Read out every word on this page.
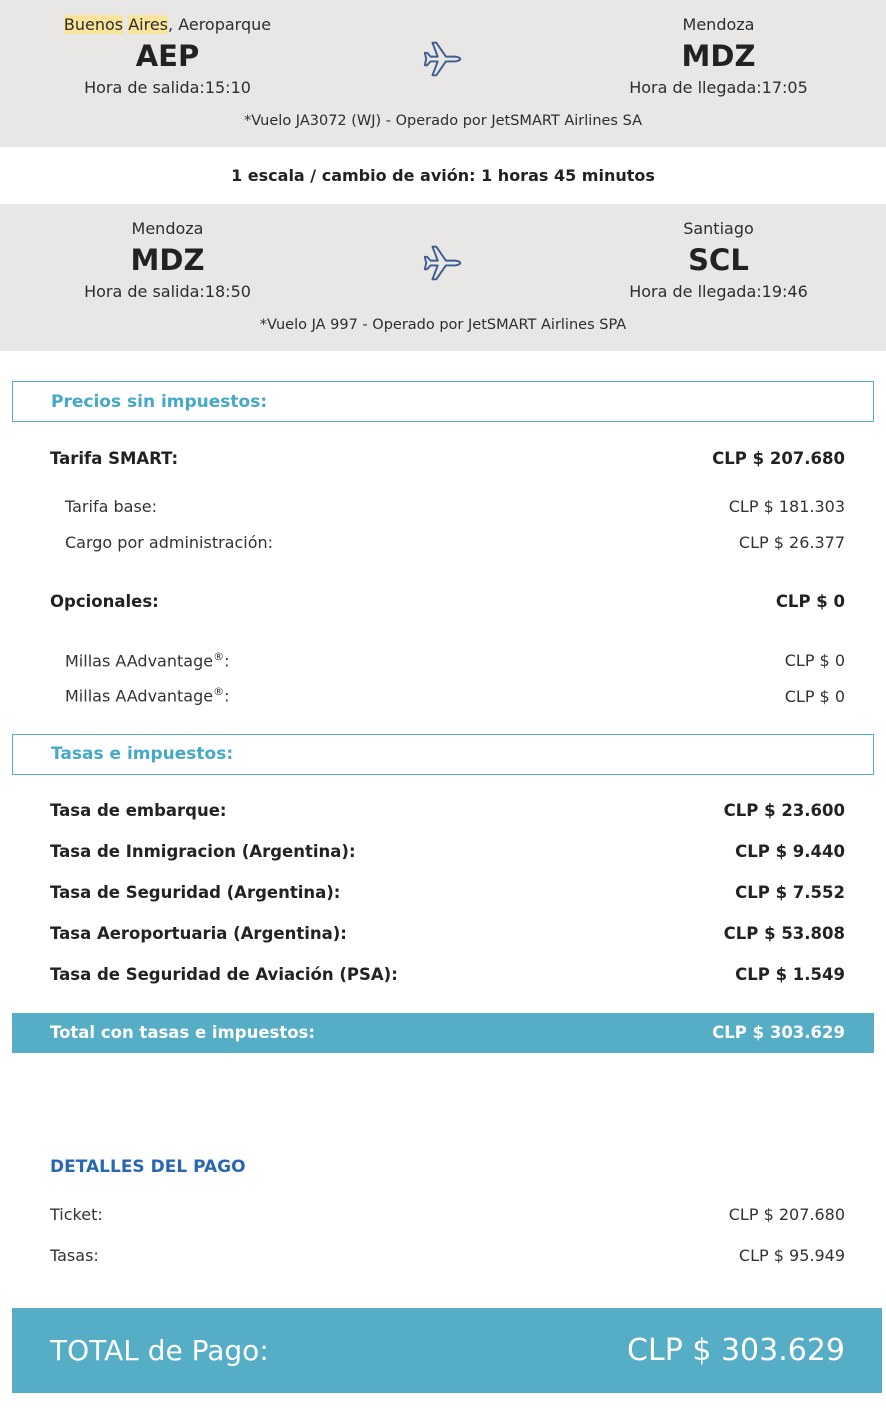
Buenos Aires, Aeroparque
AEP
Hora de salida:15:10
Mendoza
MDZ
Hora de llegada:17:05
*Vuelo JA3072 (WJ) - Operado por JetSMART Airlines SA
1 escala / cambio de avión: 1 horas 45 minutos
Mendoza
MDZ
Hora de salida:18:50
Santiago
SCL
Hora de llegada:19:46
*Vuelo JA 997 - Operado por JetSMART Airlines SPA
Precios sin impuestos:
Tarifa SMART:	CLP $ 207.680
Tarifa base:	CLP $ 181.303
Cargo por administración:	CLP $ 26.377
Opcionales:	CLP $ 0
Millas AAdvantage®:	CLP $ 0
Millas AAdvantage®:	CLP $ 0
Tasas e impuestos:
Tasa de embarque:	CLP $ 23.600
Tasa de Inmigracion (Argentina):	CLP $ 9.440
Tasa de Seguridad (Argentina):	CLP $ 7.552
Tasa Aeroportuaria (Argentina):	CLP $ 53.808
Tasa de Seguridad de Aviación (PSA):	CLP $ 1.549
Total con tasas e impuestos:	CLP $ 303.629
DETALLES DEL PAGO
Ticket:	CLP $ 207.680
Tasas:	CLP $ 95.949
TOTAL de Pago:	CLP $ 303.629
